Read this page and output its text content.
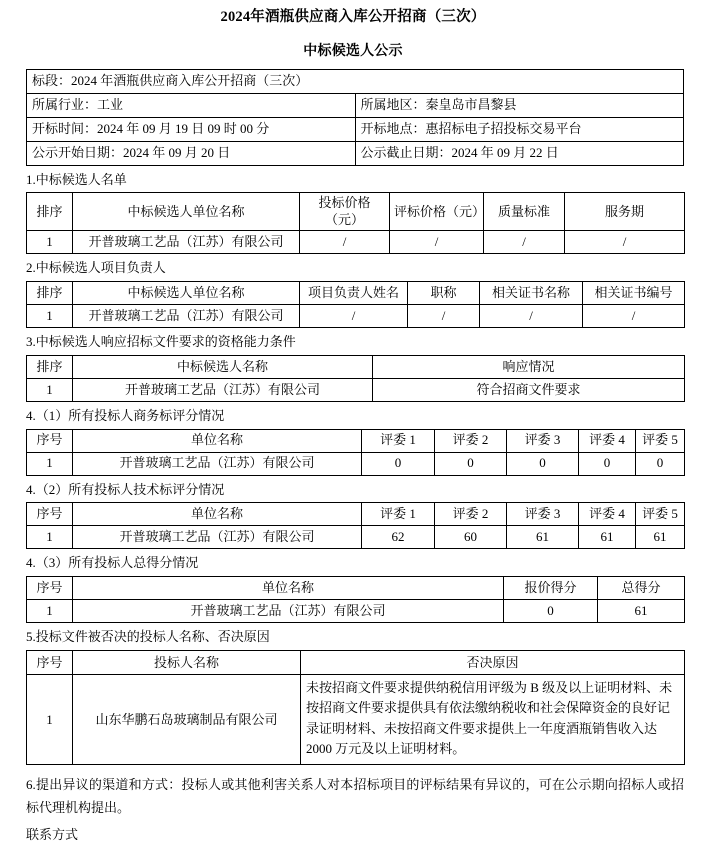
2024年酒瓶供应商入库公开招商（三次）
中标候选人公示
标段：2024 年酒瓶供应商入库公开招商（三次）	
所属行业：工业	所属地区：秦皇岛市昌黎县
开标时间：2024 年 09 月 19 日 09 时 00 分	开标地点：惠招标电子招投标交易平台
公示开始日期：2024 年 09 月 20 日	公示截止日期：2024 年 09 月 22 日

1.中标候选人名单

排序	中标候选人单位名称	投标价格（元）	评标价格（元）	质量标准	服务期
1	开普玻璃工艺品（江苏）有限公司	/	/	/	/

2.中标候选人项目负责人

排序	中标候选人单位名称	项目负责人姓名	职称	相关证书名称	相关证书编号
1	开普玻璃工艺品（江苏）有限公司	/	/	/	/

3.中标候选人响应招标文件要求的资格能力条件

排序	中标候选人名称	响应情况
1	开普玻璃工艺品（江苏）有限公司	符合招商文件要求

4.（1）所有投标人商务标评分情况

序号	单位名称	评委 1	评委 2	评委 3	评委 4	评委 5
1	开普玻璃工艺品（江苏）有限公司	0	0	0	0	0

4.（2）所有投标人技术标评分情况

序号	单位名称	评委 1	评委 2	评委 3	评委 4	评委 5
1	开普玻璃工艺品（江苏）有限公司	62	60	61	61	61

4.（3）所有投标人总得分情况

序号	单位名称	报价得分	总得分
1	开普玻璃工艺品（江苏）有限公司	0	61

5.投标文件被否决的投标人名称、否决原因

序号	投标人名称	否决原因
1	山东华鹏石岛玻璃制品有限公司	未按招商文件要求提供纳税信用评级为 B 级及以上证明材料、未按招商文件要求提供具有依法缴纳税收和社会保障资金的良好记录证明材料、未按招商文件要求提供上一年度酒瓶销售收入达 2000 万元及以上证明材料。

6.提出异议的渠道和方式：投标人或其他利害关系人对本招标项目的评标结果有异议的，可在公示期向招标人或招标代理机构提出。

联系方式
